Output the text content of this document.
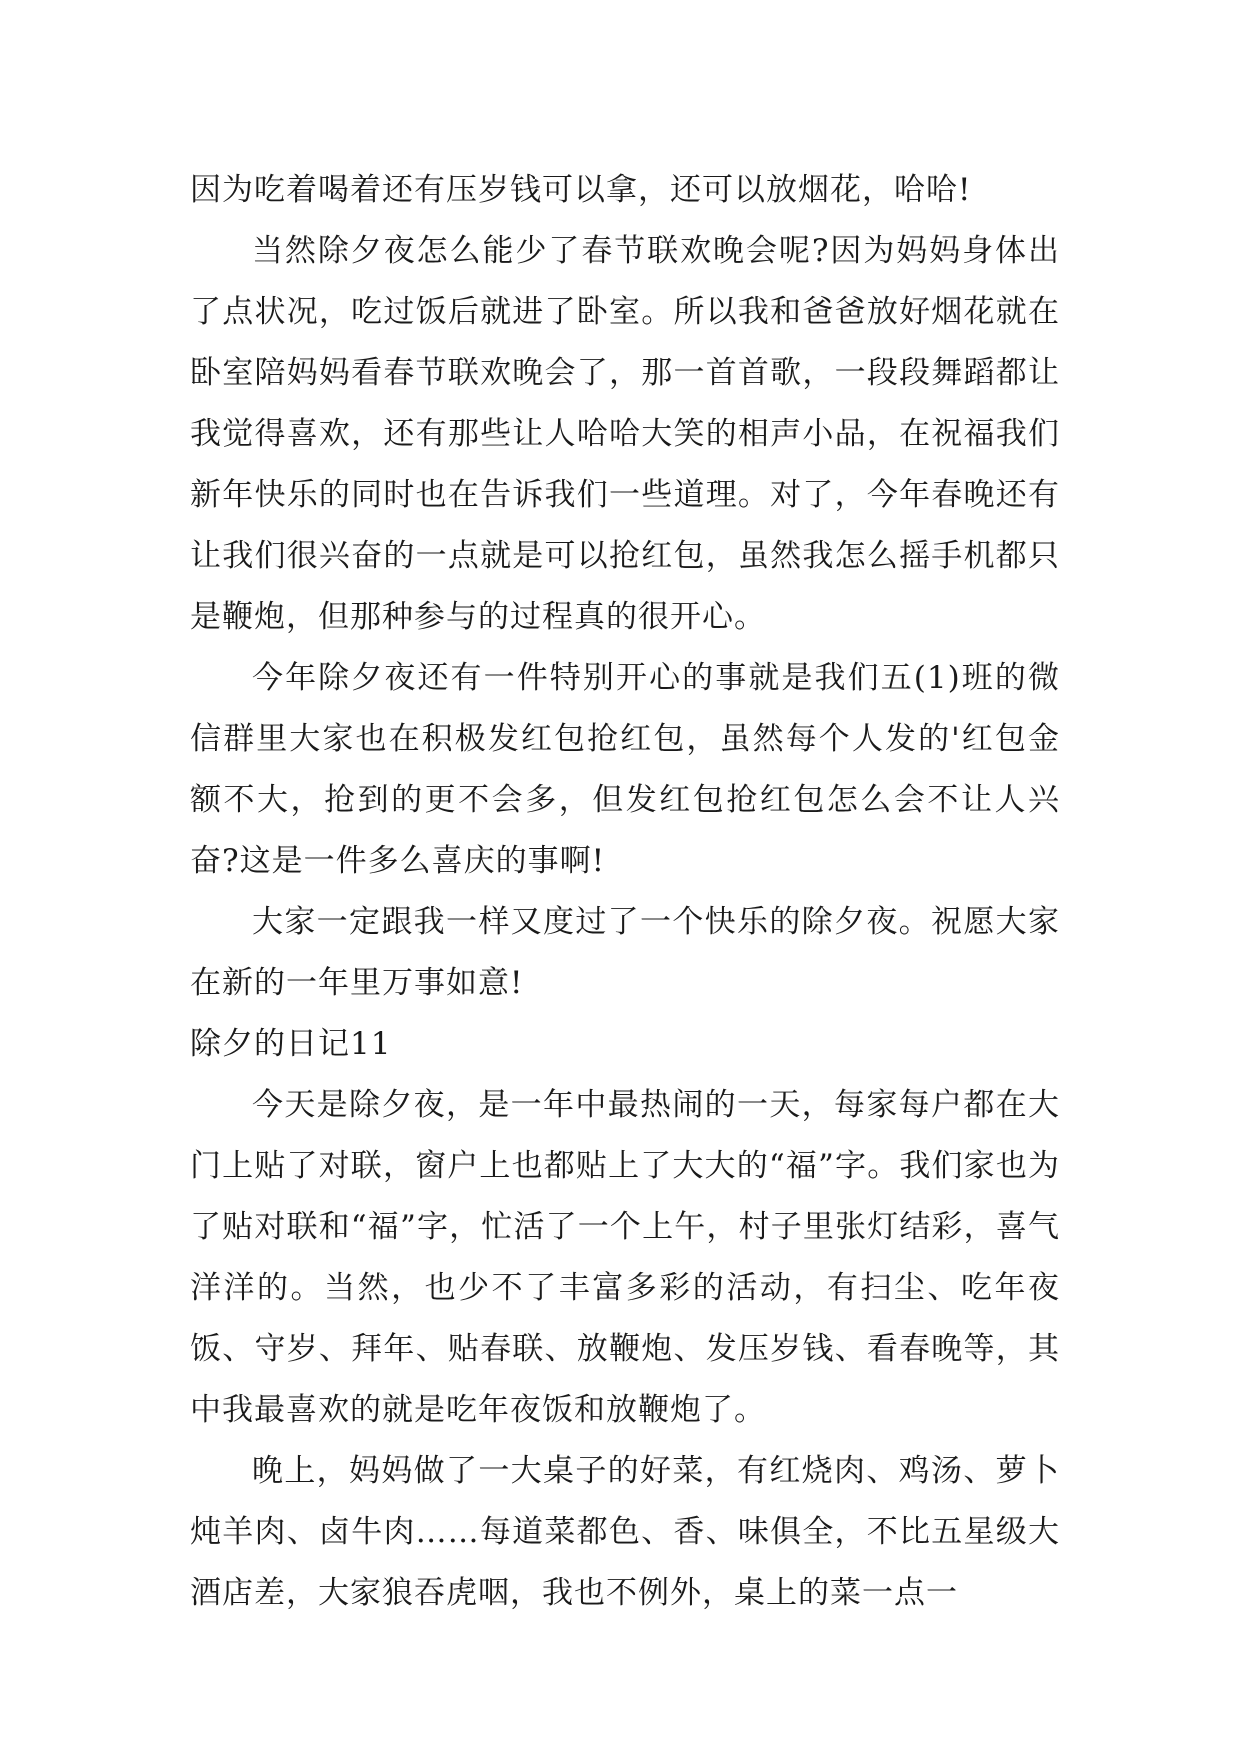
因为吃着喝着还有压岁钱可以拿，还可以放烟花，哈哈!

当然除夕夜怎么能少了春节联欢晚会呢?因为妈妈身体出了点状况，吃过饭后就进了卧室。所以我和爸爸放好烟花就在卧室陪妈妈看春节联欢晚会了，那一首首歌，一段段舞蹈都让我觉得喜欢，还有那些让人哈哈大笑的相声小品，在祝福我们新年快乐的同时也在告诉我们一些道理。对了，今年春晚还有让我们很兴奋的一点就是可以抢红包，虽然我怎么摇手机都只是鞭炮，但那种参与的过程真的很开心。

今年除夕夜还有一件特别开心的事就是我们五(1)班的微信群里大家也在积极发红包抢红包，虽然每个人发的'红包金额不大，抢到的更不会多，但发红包抢红包怎么会不让人兴奋?这是一件多么喜庆的事啊!

大家一定跟我一样又度过了一个快乐的除夕夜。祝愿大家在新的一年里万事如意!

除夕的日记11

今天是除夕夜，是一年中最热闹的一天，每家每户都在大门上贴了对联，窗户上也都贴上了大大的“福”字。我们家也为了贴对联和“福”字，忙活了一个上午，村子里张灯结彩，喜气洋洋的。当然，也少不了丰富多彩的活动，有扫尘、吃年夜饭、守岁、拜年、贴春联、放鞭炮、发压岁钱、看春晚等，其中我最喜欢的就是吃年夜饭和放鞭炮了。

晚上，妈妈做了一大桌子的好菜，有红烧肉、鸡汤、萝卜炖羊肉、卤牛肉……每道菜都色、香、味俱全，不比五星级大酒店差，大家狼吞虎咽，我也不例外，桌上的菜一点一
